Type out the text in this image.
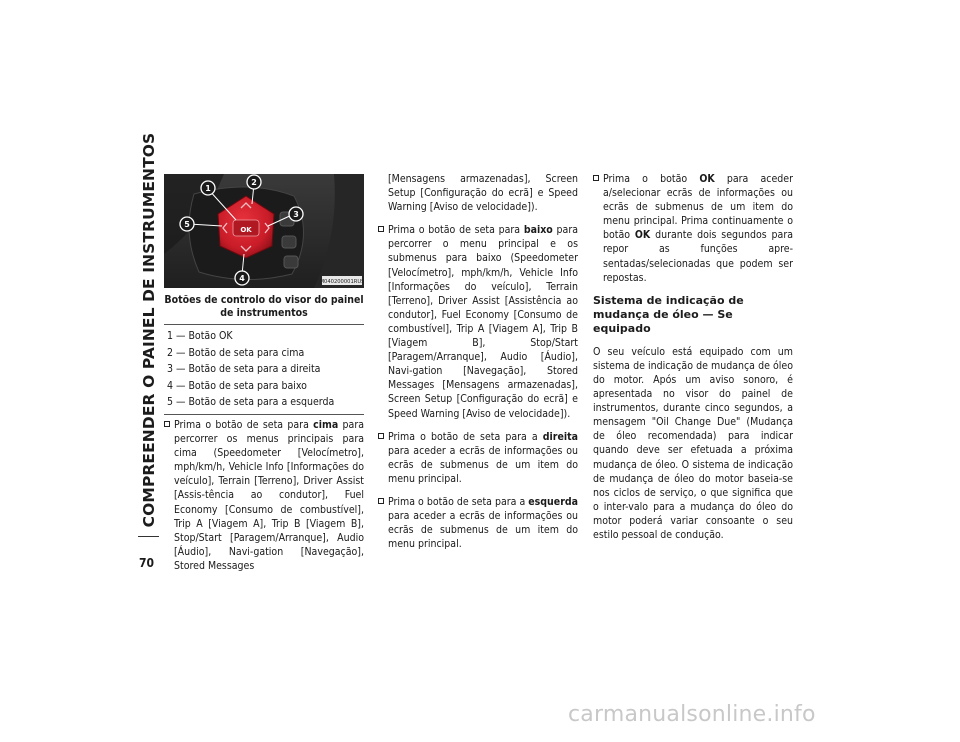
COMPREENDER O PAINEL DE INSTRUMENTOS
70
OK
1
2
3
4
5
M040200001RUS
Botões de controlo do visor do painel de instrumentos
1 — Botão OK
2 — Botão de seta para cima
3 — Botão de seta para a direita
4 — Botão de seta para baixo
5 — Botão de seta para a esquerda

Prima o botão de seta para cima para percorrer os menus principais para cima (Speedometer [Velocímetro], mph/km/h, Vehicle Info [Informações do veículo], Terrain [Terreno], Driver Assist [Assis-tência ao condutor], Fuel Economy [Consumo de combustível], Trip A [Viagem A], Trip B [Viagem B], Stop/Start [Paragem/Arranque], Audio [Áudio], Navi-gation [Navegação], Stored Messages

[Mensagens armazenadas], Screen Setup [Configuração do ecrã] e Speed Warning [Aviso de velocidade]).

Prima o botão de seta para baixo para percorrer o menu principal e os submenus para baixo (Speedometer [Velocímetro], mph/km/h, Vehicle Info [Informações do veículo], Terrain [Terreno], Driver Assist [Assistência ao condutor], Fuel Economy [Consumo de combustível], Trip A [Viagem A], Trip B [Viagem B], Stop/Start [Paragem/Arranque], Audio [Áudio], Navi-gation [Navegação], Stored Messages [Mensagens armazenadas], Screen Setup [Configuração do ecrã] e Speed Warning [Aviso de velocidade]).

Prima o botão de seta para a direita para aceder a ecrãs de informações ou ecrãs de submenus de um item do menu principal.

Prima o botão de seta para a esquerda para aceder a ecrãs de informações ou ecrãs de submenus de um item do menu principal.

Prima o botão OK para aceder a/selecionar ecrãs de informações ou ecrãs de submenus de um item do menu principal. Prima continuamente o botão OK durante dois segundos para repor as funções apre-sentadas/selecionadas que podem ser repostas.

Sistema de indicação de mudança de óleo — Se equipado

O seu veículo está equipado com um sistema de indicação de mudança de óleo do motor. Após um aviso sonoro, é apresentada no visor do painel de instrumentos, durante cinco segundos, a mensagem "Oil Change Due" (Mudança de óleo recomendada) para indicar quando deve ser efetuada a próxima mudança de óleo. O sistema de indicação de mudança de óleo do motor baseia-se nos ciclos de serviço, o que significa que o inter-valo para a mudança do óleo do motor poderá variar consoante o seu estilo pessoal de condução.

carmanualsonline.info
